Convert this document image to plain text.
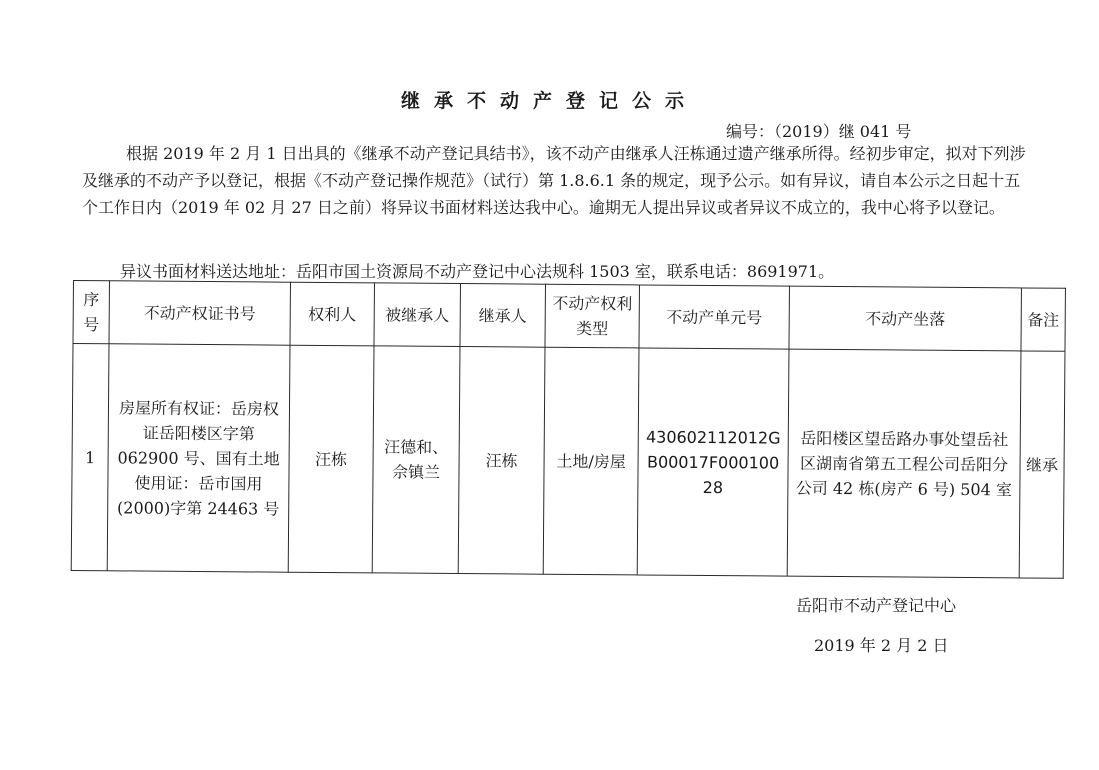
继承不动产登记公示
编号：（2019）继 041 号
根据 2019 年 2 月 1 日出具的《继承不动产登记具结书》，该不动产由继承人汪栋通过遗产继承所得。经初步审定，拟对下列涉及继承的不动产予以登记，根据《不动产登记操作规范》（试行）第 1.8.6.1 条的规定，现予公示。如有异议，请自本公示之日起十五个工作日内（2019 年 02 月 27 日之前）将异议书面材料送达我中心。逾期无人提出异议或者异议不成立的，我中心将予以登记。
异议书面材料送达地址：岳阳市国土资源局不动产登记中心法规科 1503 室，联系电话：8691971。
序号	不动产权证书号	权利人	被继承人	继承人	不动产权利类型	不动产单元号	不动产坐落	备注
1	房屋所有权证：岳房权证岳阳楼区字第 062900 号、国有土地使用证：岳市国用(2000)字第 24463 号	汪栋	汪德和、佘镇兰	汪栋	土地/房屋	430602112012GB00017F00010028	岳阳楼区望岳路办事处望岳社区湖南省第五工程公司岳阳分公司 42 栋(房产 6 号) 504 室	继承
岳阳市不动产登记中心
2019 年 2 月 2 日
